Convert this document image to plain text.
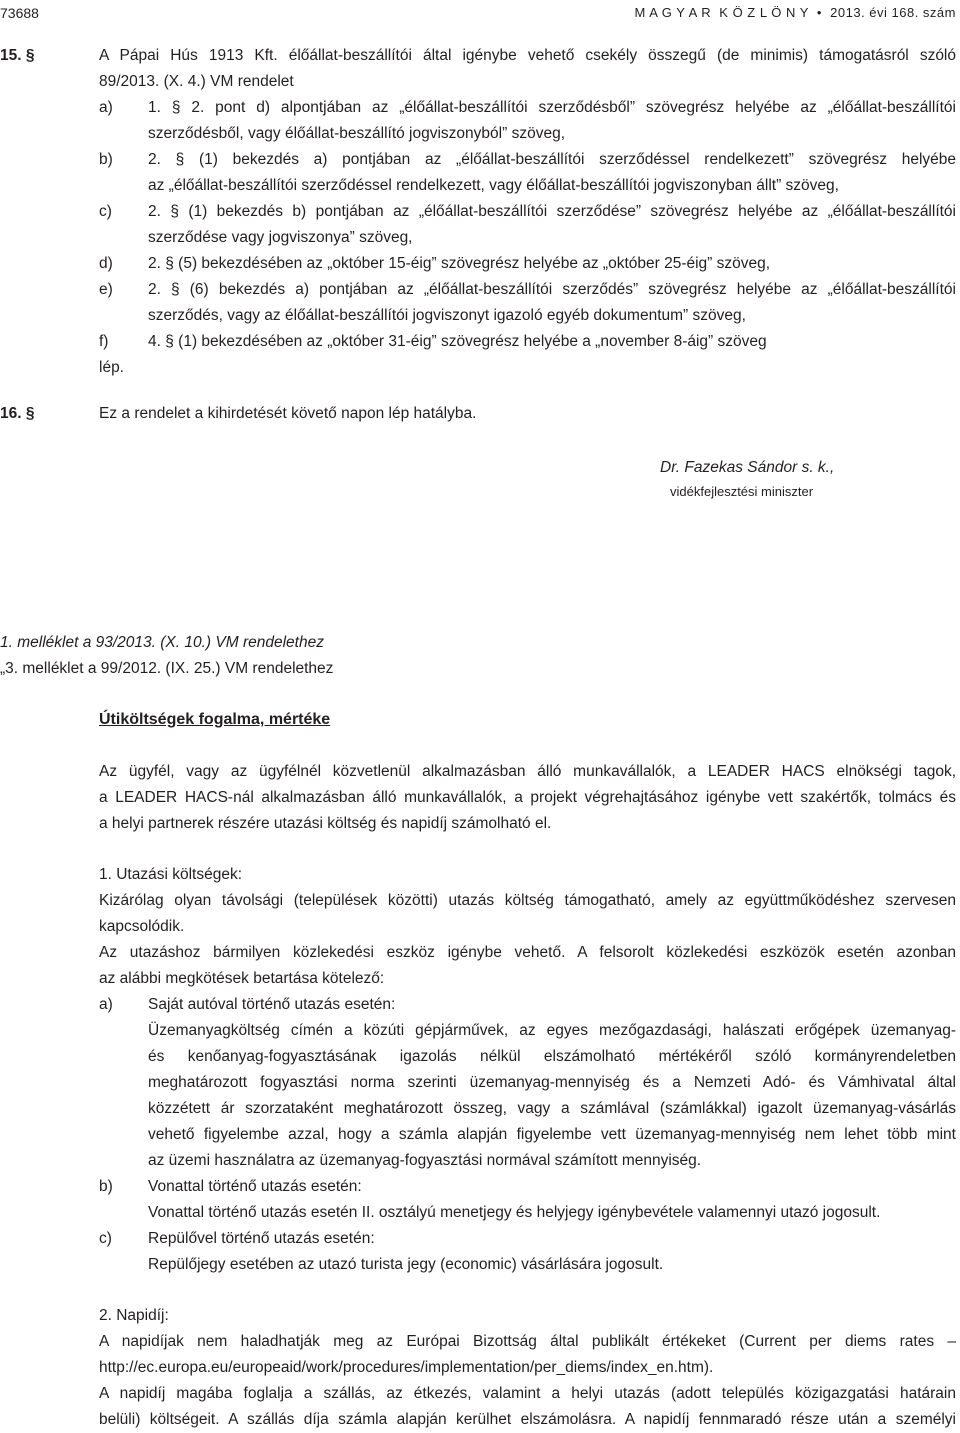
73688	M A G Y A R  K Ö Z L Ö N Y  •  2013. évi 168. szám
15. §	A Pápai Hús 1913 Kft. élőállat-beszállítói által igénybe vehető csekély összegű (de minimis) támogatásról szóló
89/2013. (X. 4.) VM rendelet
a) 1. § 2. pont d) alpontjában az „élőállat-beszállítói szerződésből” szövegrész helyébe az „élőállat-beszállítói
szerződésből, vagy élőállat-beszállító jogviszonyból” szöveg,
b) 2. § (1) bekezdés a) pontjában az „élőállat-beszállítói szerződéssel rendelkezett” szövegrész helyébe
az „élőállat-beszállítói szerződéssel rendelkezett, vagy élőállat-beszállítói jogviszonyban állt” szöveg,
c) 2. § (1) bekezdés b) pontjában az „élőállat-beszállítói szerződése” szövegrész helyébe az „élőállat-beszállítói
szerződése vagy jogviszonya” szöveg,
d) 2. § (5) bekezdésében az „október 15-éig” szövegrész helyébe az „október 25-éig” szöveg,
e) 2. § (6) bekezdés a) pontjában az „élőállat-beszállítói szerződés” szövegrész helyébe az „élőállat-beszállítói
szerződés, vagy az élőállat-beszállítói jogviszonyt igazoló egyéb dokumentum” szöveg,
f)	4. § (1) bekezdésében az „október 31-éig” szövegrész helyébe a „november 8-áig” szöveg
lép.
16. §	Ez a rendelet a kihirdetését követő napon lép hatályba.
Dr. Fazekas Sándor s. k.,
vidékfejlesztési miniszter
1. melléklet a 93/2013. (X. 10.) VM rendelethez
„3. melléklet a 99/2012. (IX. 25.) VM rendelethez
Útiköltségek fogalma, mértéke
Az ügyfél, vagy az ügyfélnél közvetlenül alkalmazásban álló munkavállalók, a LEADER HACS elnökségi tagok,
a LEADER HACS-nál alkalmazásban álló munkavállalók, a projekt végrehajtásához igénybe vett szakértők, tolmács és
a helyi partnerek részére utazási költség és napidíj számolható el.
1. Utazási költségek:
Kizárólag olyan távolsági (települések közötti) utazás költség támogatható, amely az együttműködéshez szervesen
kapcsolódik.
Az utazáshoz bármilyen közlekedési eszköz igénybe vehető. A felsorolt közlekedési eszközök esetén azonban
az alábbi megkötések betartása kötelező:
a) Saját autóval történő utazás esetén:
Üzemanyagköltség címén a közúti gépjárművek, az egyes mezőgazdasági, halászati erőgépek üzemanyag-
és kenőanyag-fogyasztásának igazolás nélkül elszámolható mértékéről szóló kormányrendeletben
meghatározott fogyasztási norma szerinti üzemanyag-mennyiség és a Nemzeti Adó- és Vámhivatal által
közzétett ár szorzataként meghatározott összeg, vagy a számlával (számlákkal) igazolt üzemanyag-vásárlás
vehető figyelembe azzal, hogy a számla alapján figyelembe vett üzemanyag-mennyiség nem lehet több mint
az üzemi használatra az üzemanyag-fogyasztási normával számított mennyiség.
b) Vonattal történő utazás esetén:
Vonattal történő utazás esetén II. osztályú menetjegy és helyjegy igénybevétele valamennyi utazó jogosult.
c) Repülővel történő utazás esetén:
Repülőjegy esetében az utazó turista jegy (economic) vásárlására jogosult.
2. Napidíj:
A napidíjak nem haladhatják meg az Európai Bizottság által publikált értékeket (Current per diems rates –
http://ec.europa.eu/europeaid/work/procedures/implementation/per_diems/index_en.htm).
A napidíj magába foglalja a szállás, az étkezés, valamint a helyi utazás (adott település közigazgatási határain
belüli) költségeit. A szállás díja számla alapján kerülhet elszámolásra. A napidíj fennmaradó része után a személyi
